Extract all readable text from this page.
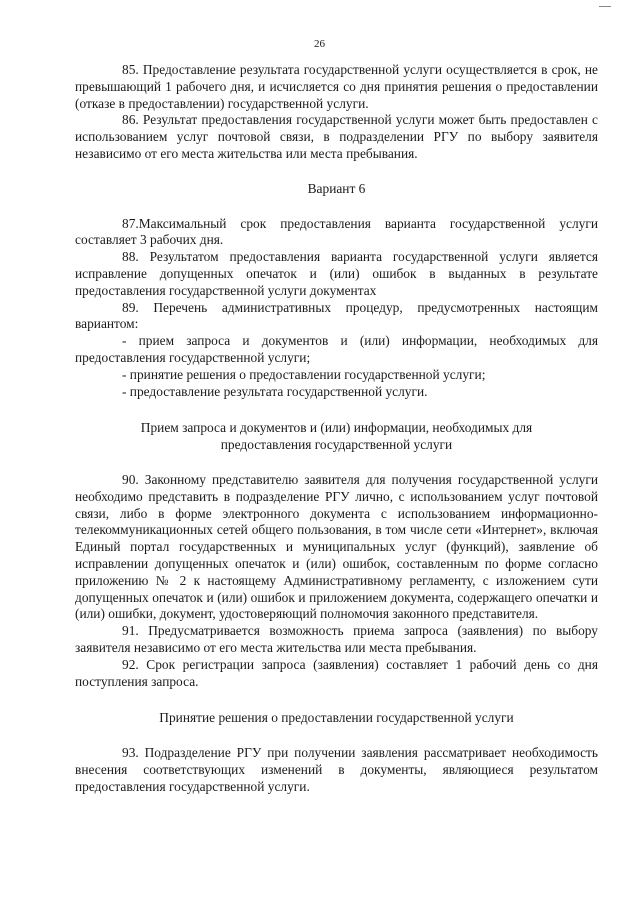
26

85. Предоставление результата государственной услуги осуществляется в срок, не превышающий 1 рабочего дня, и исчисляется со дня принятия решения о предоставлении (отказе в предоставлении) государственной услуги.

86. Результат предоставления государственной услуги может быть предоставлен с использованием услуг почтовой связи, в подразделении РГУ по выбору заявителя независимо от его места жительства или места пребывания.

Вариант 6

87.Максимальный срок предоставления варианта государственной услуги составляет 3 рабочих дня.

88. Результатом предоставления варианта государственной услуги является исправление допущенных опечаток и (или) ошибок в выданных в результате предоставления государственной услуги документах

89. Перечень административных процедур, предусмотренных настоящим вариантом:

- прием запроса и документов и (или) информации, необходимых для предоставления государственной услуги;

- принятие решения о предоставлении государственной услуги;

- предоставление результата государственной услуги.

Прием запроса и документов и (или) информации, необходимых для предоставления государственной услуги

90. Законному представителю заявителя для получения государственной услуги необходимо представить в подразделение РГУ лично, с использованием услуг почтовой связи, либо в форме электронного документа с использованием информационно-телекоммуникационных сетей общего пользования, в том числе сети «Интернет», включая Единый портал государственных и муниципальных услуг (функций), заявление об исправлении допущенных опечаток и (или) ошибок, составленным по форме согласно приложению № 2 к настоящему Административному регламенту, с изложением сути допущенных опечаток и (или) ошибок и приложением документа, содержащего опечатки и (или) ошибки, документ, удостоверяющий полномочия законного представителя.

91. Предусматривается возможность приема запроса (заявления) по выбору заявителя независимо от его места жительства или места пребывания.

92. Срок регистрации запроса (заявления) составляет 1 рабочий день со дня поступления запроса.

Принятие решения о предоставлении государственной услуги

93. Подразделение РГУ при получении заявления рассматривает необходимость внесения соответствующих изменений в документы, являющиеся результатом предоставления государственной услуги.
